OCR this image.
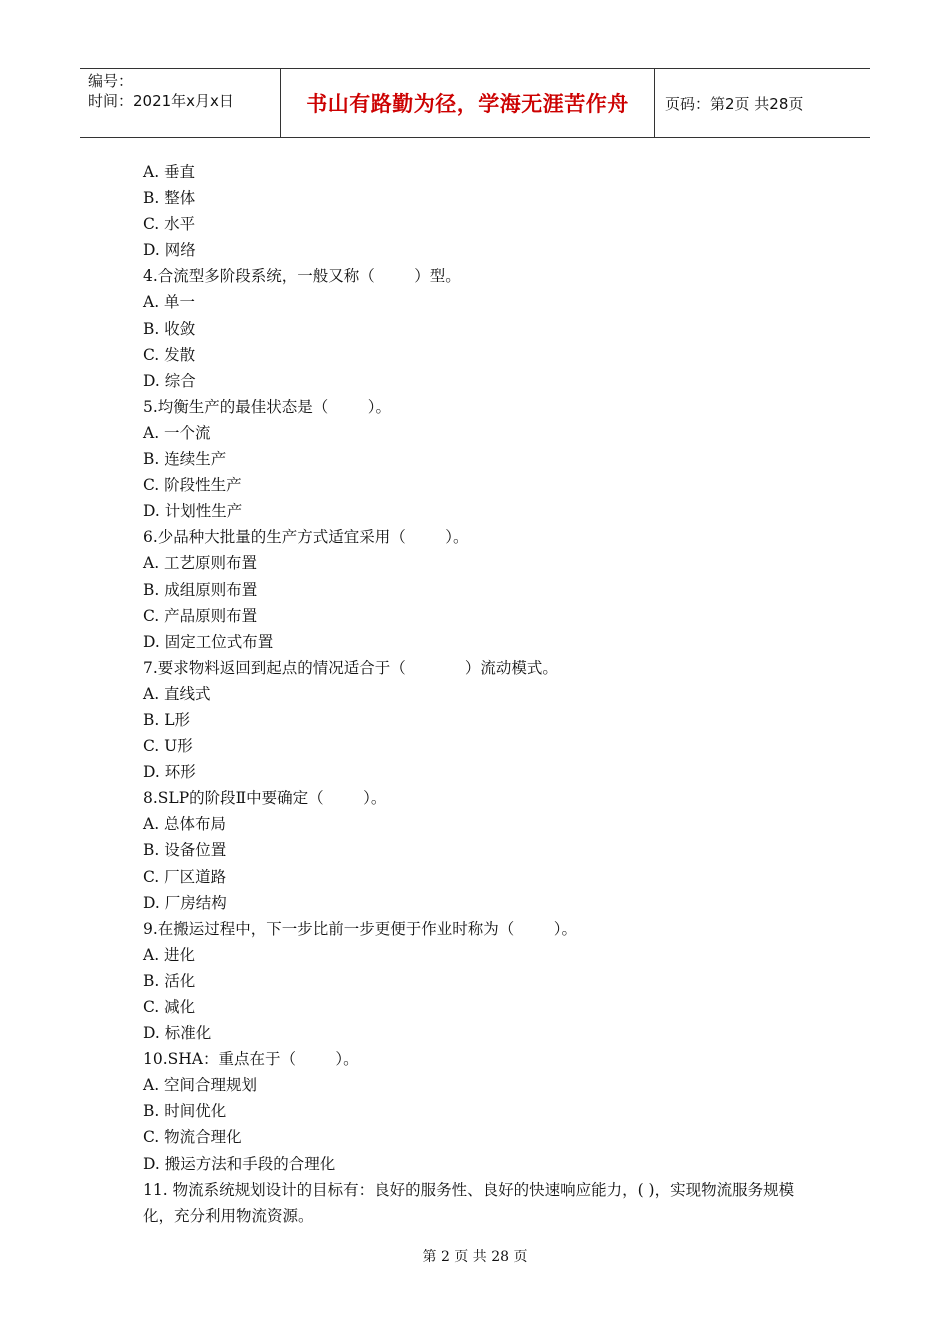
编号：
时间：2021年x月x日	书山有路勤为径，学海无涯苦作舟 页码：第2页 共28页
A. 垂直
B. 整体
C. 水平
D. 网络
4.合流型多阶段系统，一般又称（        ）型。
A. 单一
B. 收敛
C. 发散
D. 综合
5.均衡生产的最佳状态是（        ）。
A. 一个流
B. 连续生产
C. 阶段性生产
D. 计划性生产
6.少品种大批量的生产方式适宜采用（        ）。
A. 工艺原则布置
B. 成组原则布置
C. 产品原则布置
D. 固定工位式布置
7.要求物料返回到起点的情况适合于（            ）流动模式。
A. 直线式
B. L形
C. U形
D. 环形
8.SLP的阶段Ⅱ中要确定（        ）。
A. 总体布局
B. 设备位置
C. 厂区道路
D. 厂房结构
9.在搬运过程中，下一步比前一步更便于作业时称为（        ）。
A. 进化
B. 活化
C. 减化
D. 标准化
10.SHA：重点在于（        ）。
A. 空间合理规划
B. 时间优化
C. 物流合理化
D. 搬运方法和手段的合理化
11. 物流系统规划设计的目标有：良好的服务性、良好的快速响应能力，( )，实现物流服务规模化，充分利用物流资源。
第 2 页 共 28 页
